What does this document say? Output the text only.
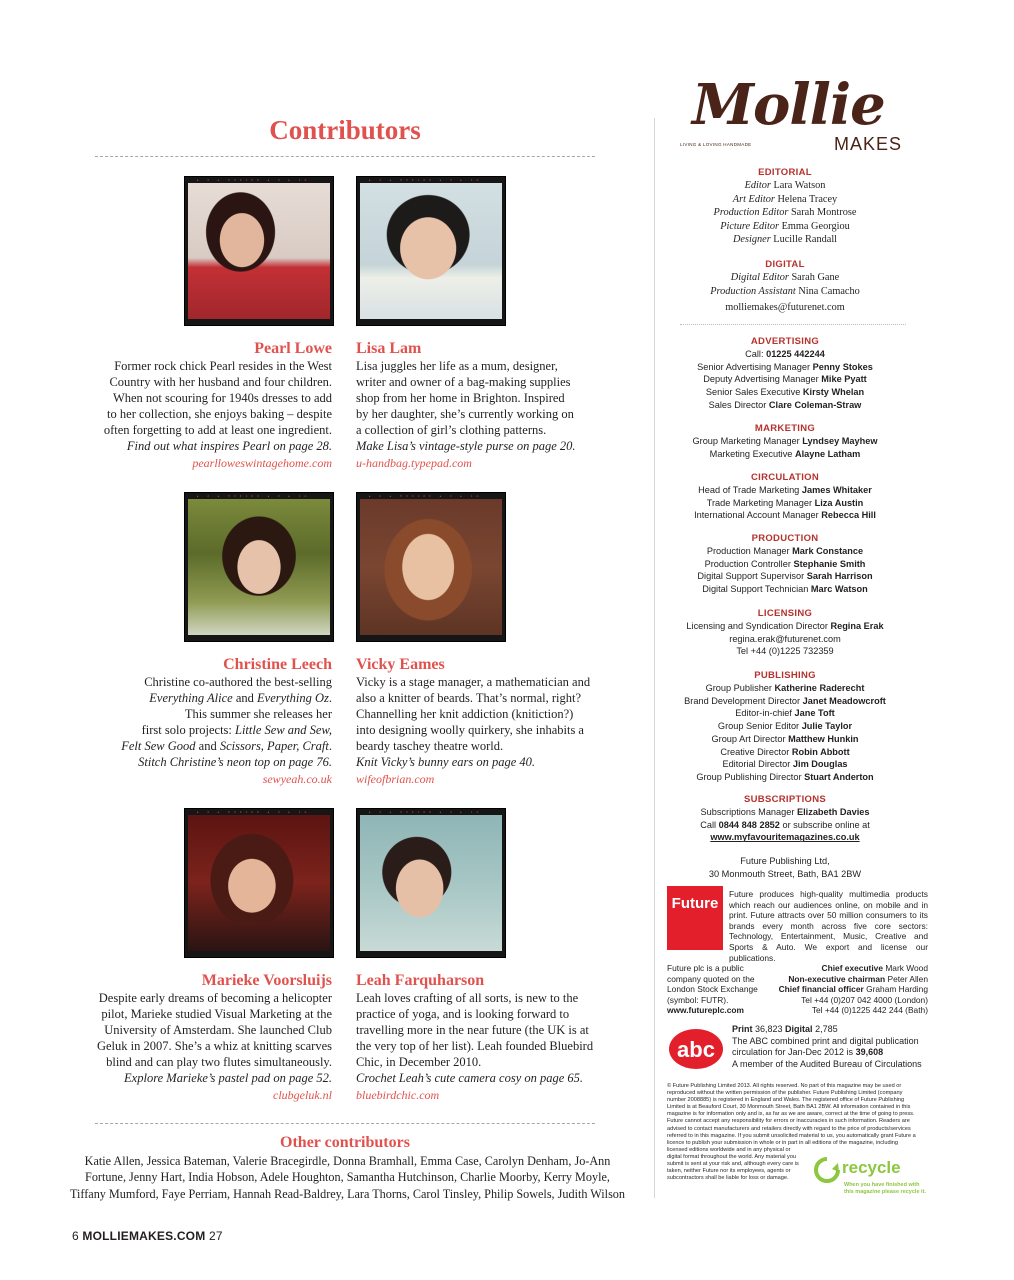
Contributors
▸ 2 ▸ 5VF100 ◂ 3 ▸ 1A	▸ 2 ▸ 5VF100 ◂ 3 ▸ 1A
Pearl Lowe
Former rock chick Pearl resides in the West
Country with her husband and four children.
When not scouring for 1940s dresses to add
to her collection, she enjoys baking – despite
often forgetting to add at least one ingredient.
Find out what inspires Pearl on page 28.
pearlloweswintagehome.com
Lisa Lam
Lisa juggles her life as a mum, designer,
writer and owner of a bag-making supplies
shop from her home in Brighton. Inspired
by her daughter, she’s currently working on
a collection of girl’s clothing patterns.
Make Lisa’s vintage-style purse on page 20.
u-handbag.typepad.com
▸ 2 ▸ 5VF100 ◂ 3 ▸ 1A	▸ 2 ▸ 5VF100 ◂ 3 ▸ 1A
Christine Leech
Christine co-authored the best-selling
Everything Alice and Everything Oz.
This summer she releases her
first solo projects: Little Sew and Sew,
Felt Sew Good and Scissors, Paper, Craft.
Stitch Christine’s neon top on page 76.
sewyeah.co.uk
Vicky Eames
Vicky is a stage manager, a mathematician and
also a knitter of beards. That’s normal, right?
Channelling her knit addiction (knitiction?)
into designing woolly quirkery, she inhabits a
beardy taschey theatre world.
Knit Vicky’s bunny ears on page 40.
wifeofbrian.com
▸ 2 ▸ 5VF100 ◂ 3 ▸ 1A	▸ 2 ▸ 5VF100 ◂ 3 ▸ 1A
Marieke Voorsluijs
Despite early dreams of becoming a helicopter
pilot, Marieke studied Visual Marketing at the
University of Amsterdam. She launched Club
Geluk in 2007. She’s a whiz at knitting scarves
blind and can play two flutes simultaneously.
Explore Marieke’s pastel pad on page 52.
clubgeluk.nl
Leah Farquharson
Leah loves crafting of all sorts, is new to the
practice of yoga, and is looking forward to
travelling more in the near future (the UK is at
the very top of her list). Leah founded Bluebird
Chic, in December 2010.
Crochet Leah’s cute camera cosy on page 65.
bluebirdchic.com
Other contributors
Katie Allen, Jessica Bateman, Valerie Bracegirdle, Donna Bramhall, Emma Case, Carolyn Denham, Jo-Ann
Fortune, Jenny Hart, India Hobson, Adele Houghton, Samantha Hutchinson, Charlie Moorby, Kerry Moyle,
Tiffany Mumford, Faye Perriam, Hannah Read-Baldrey, Lara Thorns, Carol Tinsley, Philip Sowels, Judith Wilson
6 MOLLIEMAKES.COM 27
Mollie
MAKES
LIVING & LOVING HANDMADE
EDITORIAL
Editor Lara Watson
Art Editor Helena Tracey
Production Editor Sarah Montrose
Picture Editor Emma Georgiou
Designer Lucille Randall
DIGITAL
Digital Editor Sarah Gane
Production Assistant Nina Camacho
molliemakes@futurenet.com
ADVERTISING
Call: 01225 442244
Senior Advertising Manager Penny Stokes
Deputy Advertising Manager Mike Pyatt
Senior Sales Executive Kirsty Whelan
Sales Director Clare Coleman-Straw
MARKETING
Group Marketing Manager Lyndsey Mayhew
Marketing Executive Alayne Latham
CIRCULATION
Head of Trade Marketing James Whitaker
Trade Marketing Manager Liza Austin
International Account Manager Rebecca Hill
PRODUCTION
Production Manager Mark Constance
Production Controller Stephanie Smith
Digital Support Supervisor Sarah Harrison
Digital Support Technician Marc Watson
LICENSING
Licensing and Syndication Director Regina Erak
regina.erak@futurenet.com
Tel +44 (0)1225 732359
PUBLISHING
Group Publisher Katherine Raderecht
Brand Development Director Janet Meadowcroft
Editor-in-chief Jane Toft
Group Senior Editor Julie Taylor
Group Art Director Matthew Hunkin
Creative Director Robin Abbott
Editorial Director Jim Douglas
Group Publishing Director Stuart Anderton
SUBSCRIPTIONS
Subscriptions Manager Elizabeth Davies
Call 0844 848 2852 or subscribe online at
www.myfavouritemagazines.co.uk
Future Publishing Ltd,
30 Monmouth Street, Bath, BA1 2BW
Future
Future produces high-quality multimedia products
which reach our audiences online, on mobile and in
print. Future attracts over 50 million consumers to its
brands every month across five core sectors:
Technology, Entertainment, Music, Creative and
Sports & Auto. We export and license our publications.
Future plc is a public
company quoted on the
London Stock Exchange
(symbol: FUTR).
www.futureplc.com
Chief executive Mark Wood
Non-executive chairman Peter Allen
Chief financial officer Graham Harding
Tel +44 (0)207 042 4000 (London)
Tel +44 (0)1225 442 244 (Bath)
abc
Print 36,823 Digital 2,785
The ABC combined print and digital publication
circulation for Jan-Dec 2012 is 39,608
A member of the Audited Bureau of Circulations
© Future Publishing Limited 2013. All rights reserved. No part of this magazine may be used or
reproduced without the written permission of the publisher. Future Publishing Limited (company
number 2008885) is registered in England and Wales. The registered office of Future Publishing
Limited is at Beauford Court, 30 Monmouth Street, Bath BA1 2BW. All information contained in this
magazine is for information only and is, as far as we are aware, correct at the time of going to press.
Future cannot accept any responsibility for errors or inaccuracies in such information. Readers are
advised to contact manufacturers and retailers directly with regard to the price of products/services
referred to in this magazine. If you submit unsolicited material to us, you automatically grant Future a
licence to publish your submission in whole or in part in all editions of the magazine, including
licensed editions worldwide and in any physical or
digital format throughout the world. Any material you
submit is sent at your risk and, although every care is
taken, neither Future nor its employees, agents or
subcontractors shall be liable for loss or damage.
recycle
When you have finished with
this magazine please recycle it.
